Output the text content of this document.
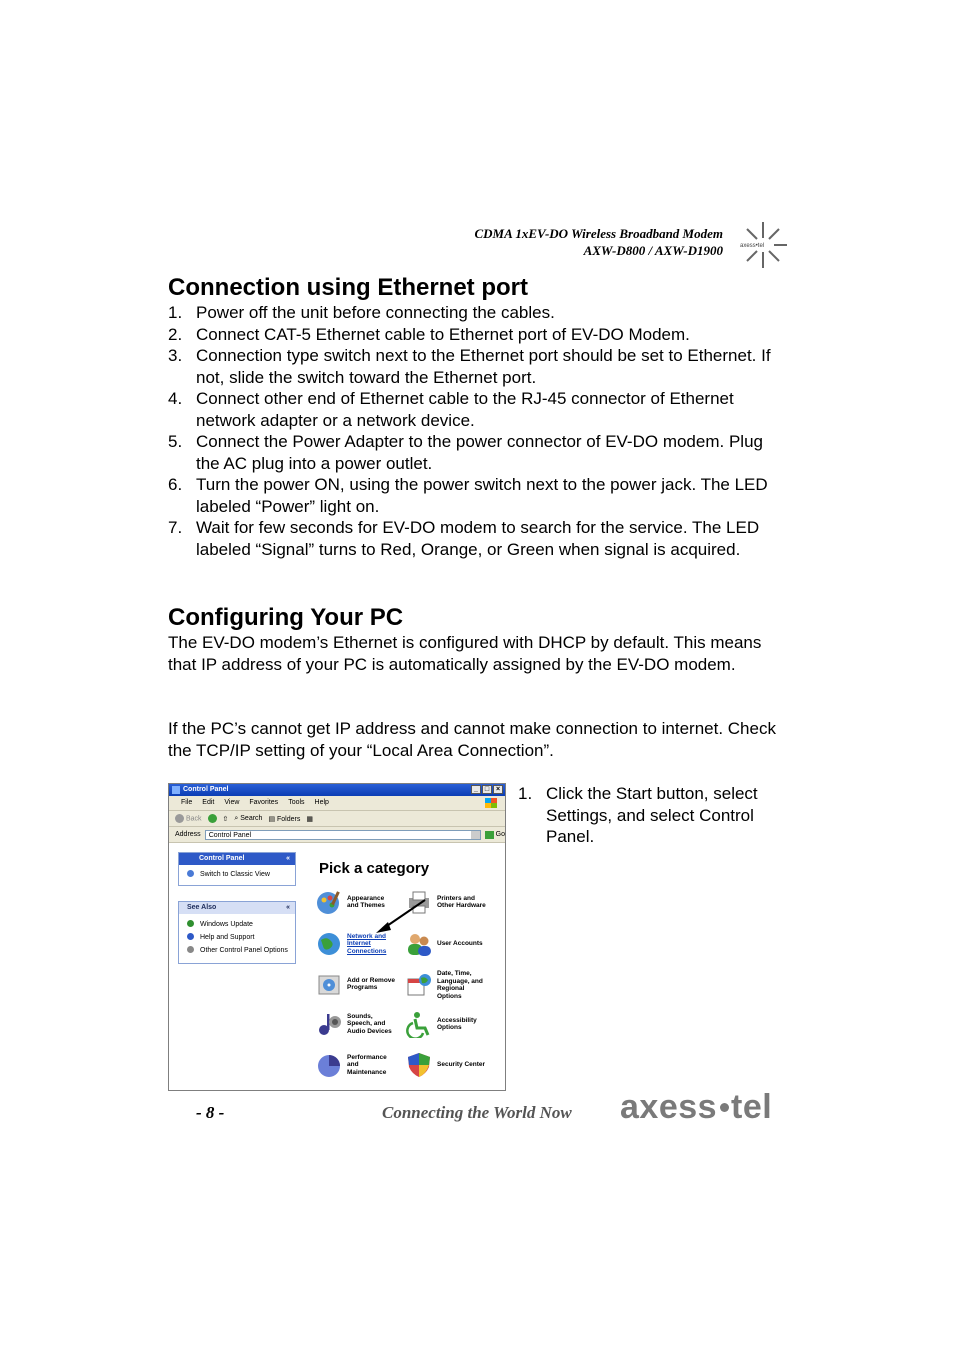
CDMA 1xEV-DO Wireless Broadband Modem
AXW-D800 / AXW-D1900	axess•tel
Connection using Ethernet port
1. Power off the unit before connecting the cables.
2. Connect CAT-5 Ethernet cable to Ethernet port of EV-DO Modem.
3. Connection type switch next to the Ethernet port should be set to Ethernet. If not, slide the switch toward the Ethernet port.
4. Connect other end of Ethernet cable to the RJ-45 connector of Ethernet network adapter or a network device.
5. Connect the Power Adapter to the power connector of EV-DO modem. Plug the AC plug into a power outlet.
6. Turn the power ON, using the power switch next to the power jack. The LED labeled “Power” light on.
7. Wait for few seconds for EV-DO modem to search for the service. The LED labeled “Signal” turns to Red, Orange, or Green when signal is acquired.
Configuring Your PC
The EV-DO modem’s Ethernet is configured with DHCP by default. This means that IP address of your PC is automatically assigned by the EV-DO modem.
If the PC’s cannot get IP address and cannot make connection to internet. Check the TCP/IP setting of your “Local Area Connection”.
1. Click the Start button, select Settings, and select Control Panel.
Control Panel	_ □ ×
File Edit View Favorites Tools Help
Back	⇧ ⌕ Search ▤ Folders ▦
Address	Control Panel	Go
Control Panel	«
Switch to Classic View
See Also	«
Windows Update
Help and Support
Other Control Panel Options
Pick a category
Appearance and Themes
Printers and Other Hardware
Network and Internet Connections
User Accounts
Add or Remove Programs
Date, Time, Language, and Regional Options
Sounds, Speech, and Audio Devices
Accessibility Options
Performance and Maintenance
Security Center
- 8 -	Connecting the World Now axess tel
